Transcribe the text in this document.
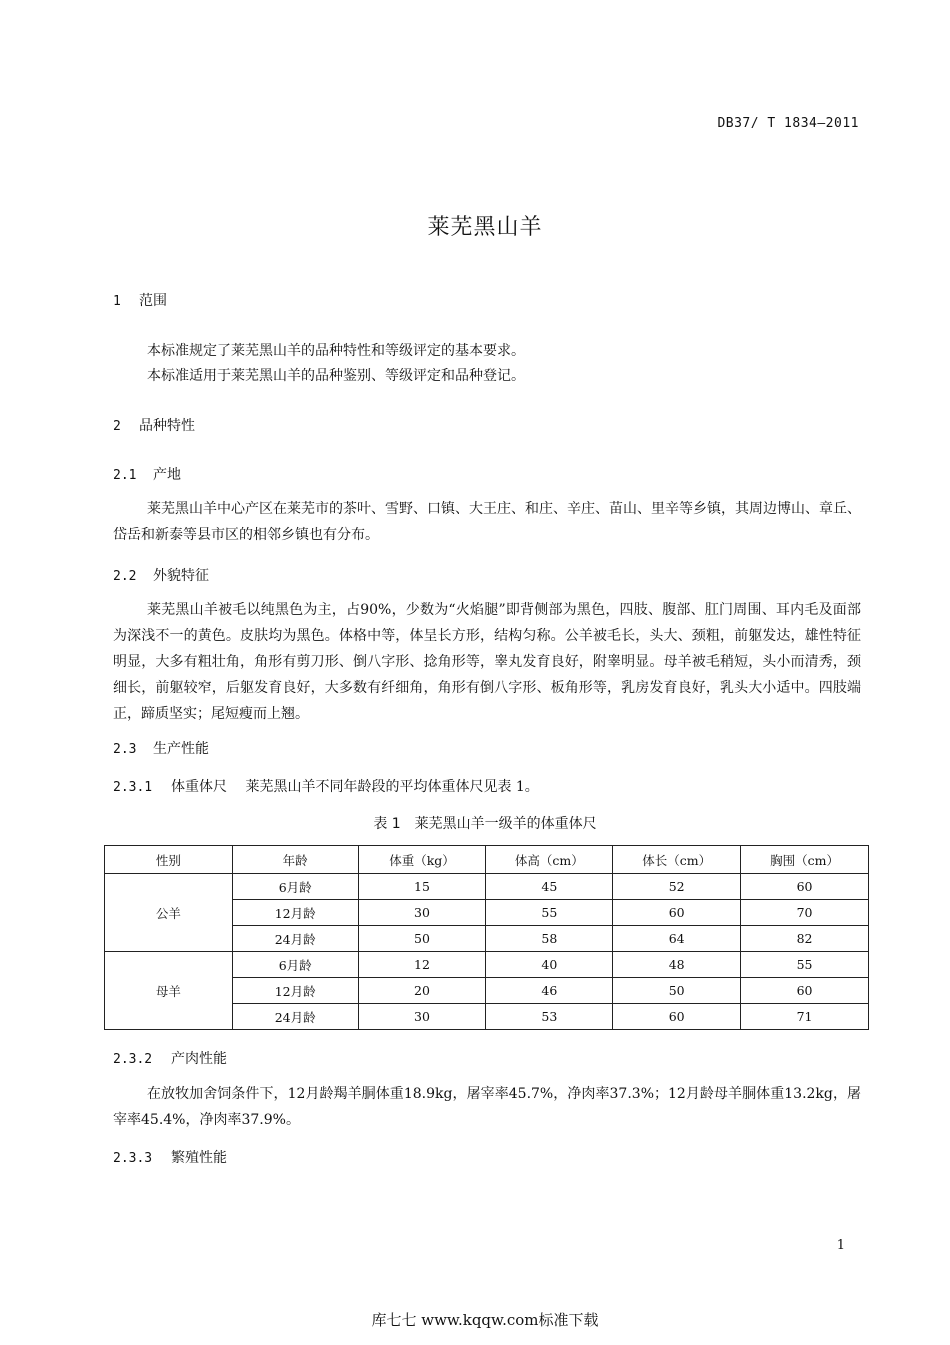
DB37/ T 1834—2011
莱芜黑山羊
1 范围
本标准规定了莱芜黑山羊的品种特性和等级评定的基本要求。
本标准适用于莱芜黑山羊的品种鉴别、等级评定和品种登记。
2 品种特性
2.1 产地
莱芜黑山羊中心产区在莱芜市的茶叶、雪野、口镇、大王庄、和庄、辛庄、苗山、里辛等乡镇，其周边博山、章丘、岱岳和新泰等县市区的相邻乡镇也有分布。
2.2 外貌特征
莱芜黑山羊被毛以纯黑色为主，占90%，少数为“火焰腿”即背侧部为黑色，四肢、腹部、肛门周围、耳内毛及面部为深浅不一的黄色。皮肤均为黑色。体格中等，体呈长方形，结构匀称。公羊被毛长，头大、颈粗，前躯发达，雄性特征明显，大多有粗壮角，角形有剪刀形、倒八字形、捻角形等，睾丸发育良好，附睾明显。母羊被毛稍短，头小而清秀，颈细长，前躯较窄，后躯发育良好，大多数有纤细角，角形有倒八字形、板角形等，乳房发育良好，乳头大小适中。四肢端正，蹄质坚实；尾短瘦而上翘。
2.3 生产性能
2.3.1 体重体尺 莱芜黑山羊不同年龄段的平均体重体尺见表 1。
表 1　莱芜黑山羊一级羊的体重体尺
性别	年龄	体重（kg）	体高（cm）	体长（cm）	胸围（cm）
公羊	6月龄	15	45	52	60
	12月龄	30	55	60	70
	24月龄	50	58	64	82
母羊	6月龄	12	40	48	55
	12月龄	20	46	50	60
	24月龄	30	53	60	71
2.3.2 产肉性能
在放牧加舍饲条件下，12月龄羯羊胴体重18.9kg，屠宰率45.7%，净肉率37.3%；12月龄母羊胴体重13.2kg，屠宰率45.4%，净肉率37.9%。
2.3.3 繁殖性能
1
库七七 www.kqqw.com标准下载
